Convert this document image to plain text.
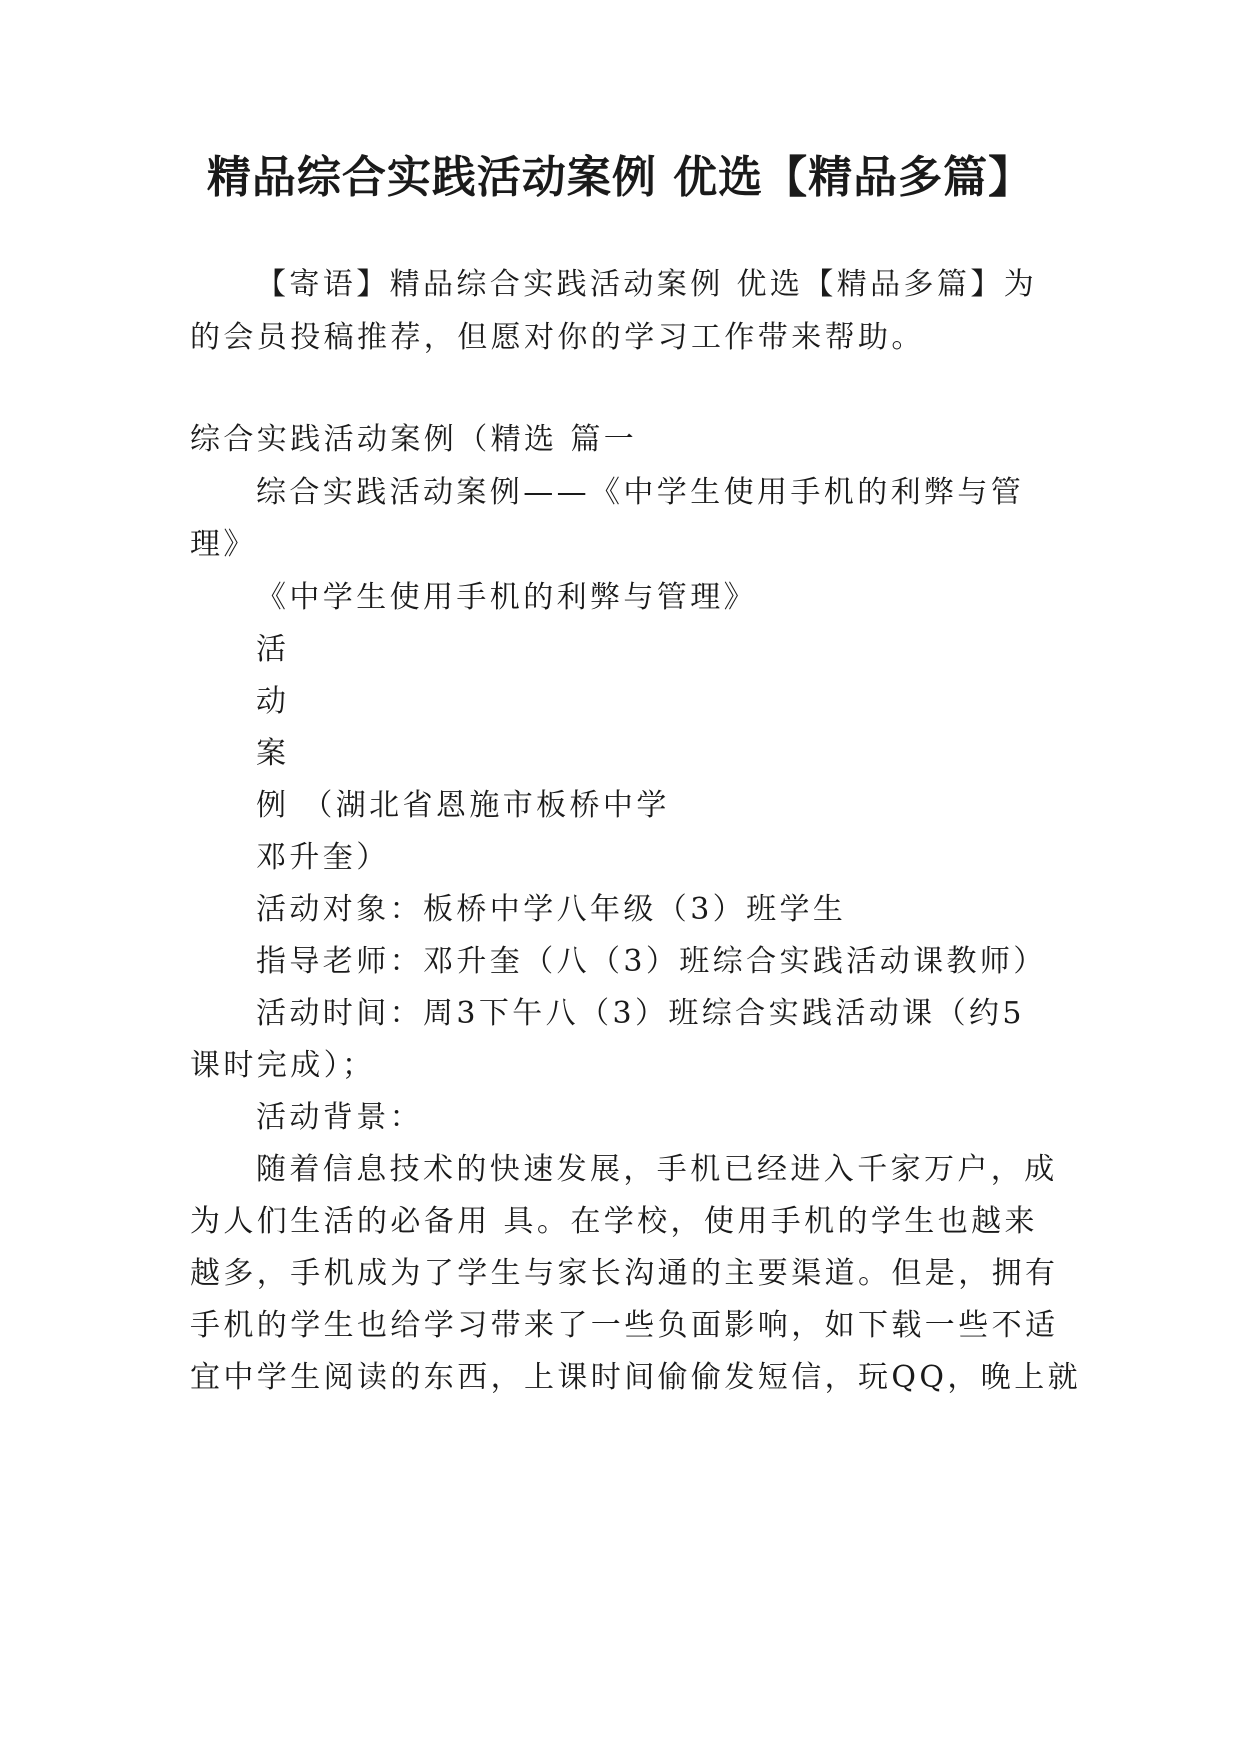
精品综合实践活动案例 优选【精品多篇】
【寄语】精品综合实践活动案例 优选【精品多篇】为
的会员投稿推荐，但愿对你的学习工作带来帮助。
综合实践活动案例（精选 篇一
综合实践活动案例——《中学生使用手机的利弊与管
理》
《中学生使用手机的利弊与管理》
活
动
案
例 （湖北省恩施市板桥中学
邓升奎）
活动对象：板桥中学八年级（3）班学生
指导老师：邓升奎（八（3）班综合实践活动课教师）
活动时间：周3下午八（3）班综合实践活动课（约5
课时完成）；
活动背景：
随着信息技术的快速发展，手机已经进入千家万户，成
为人们生活的必备用 具。在学校，使用手机的学生也越来
越多，手机成为了学生与家长沟通的主要渠道。但是，拥有
手机的学生也给学习带来了一些负面影响，如下载一些不适
宜中学生阅读的东西，上课时间偷偷发短信，玩QQ，晚上就
